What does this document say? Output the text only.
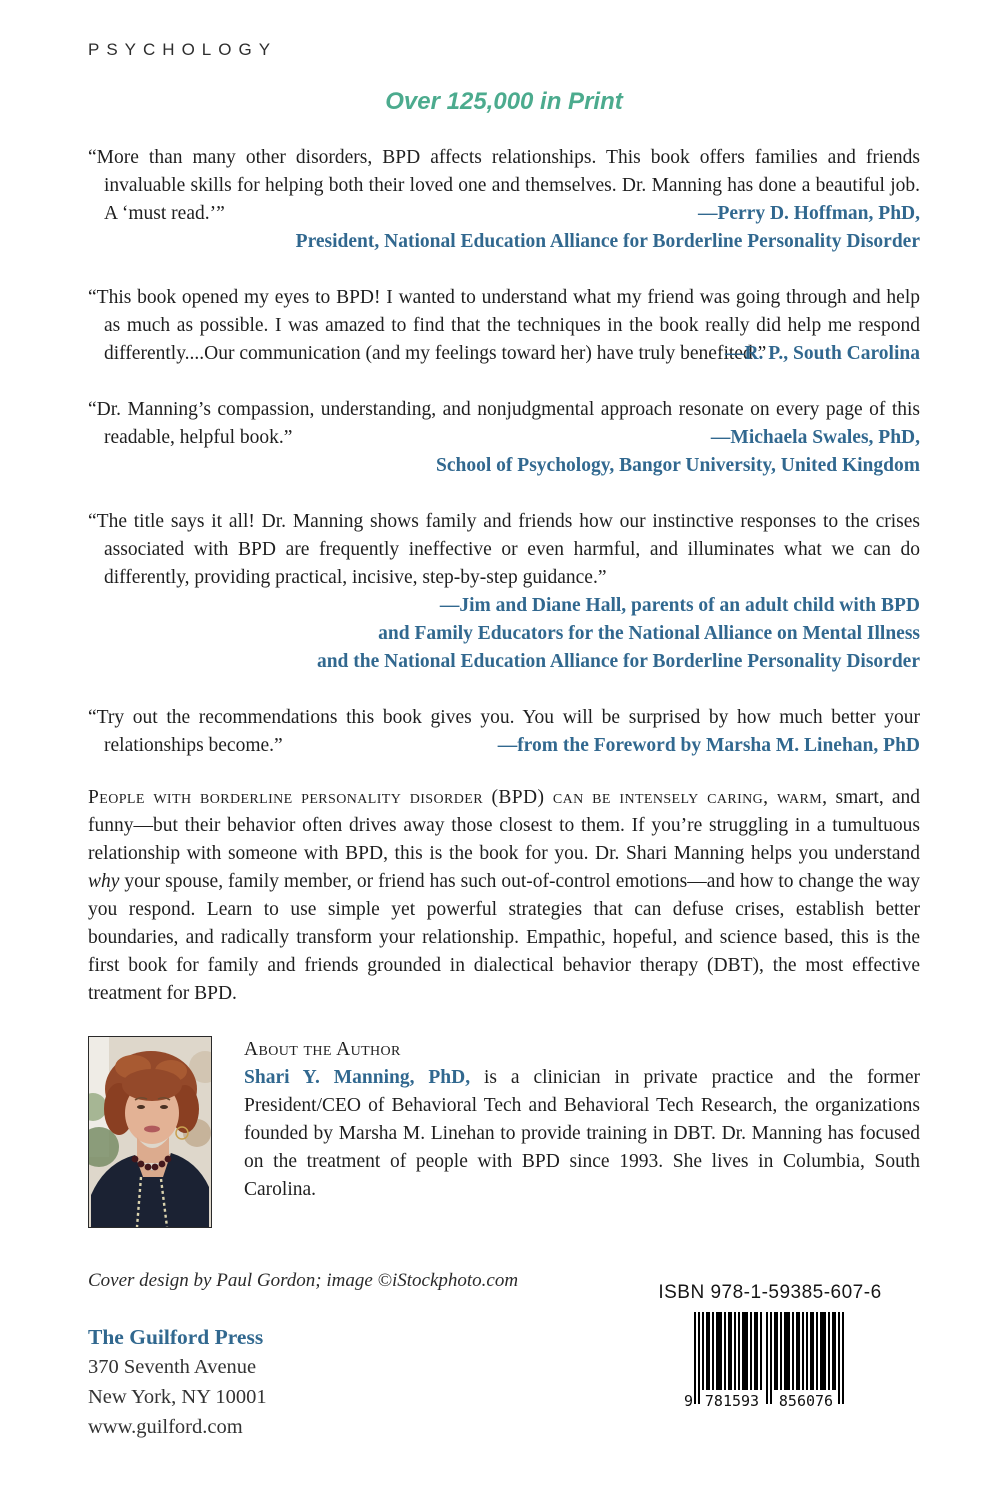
PSYCHOLOGY
Over 125,000 in Print

“More than many other disorders, BPD affects relationships. This book offers families and friends invaluable skills for helping both their loved one and themselves. Dr. Manning has done a beautiful job. A ‘must read.’”	—Perry D. Hoffman, PhD,

President, National Education Alliance for Borderline Personality Disorder

“This book opened my eyes to BPD! I wanted to understand what my friend was going through and help as much as possible. I was amazed to find that the techniques in the book really did help me respond differently....Our communication (and my feelings toward her) have truly benefited.”

—R. P., South Carolina

“Dr. Manning’s compassion, understanding, and nonjudgmental approach resonate on every page of this readable, helpful book.”	—Michaela Swales, PhD,

School of Psychology, Bangor University, United Kingdom

“The title says it all! Dr. Manning shows family and friends how our instinctive responses to the crises associated with BPD are frequently ineffective or even harmful, and illuminates what we can do differently, providing practical, incisive, step-by-step guidance.”

—Jim and Diane Hall, parents of an adult child with BPD

and Family Educators for the National Alliance on Mental Illness

and the National Education Alliance for Borderline Personality Disorder

“Try out the recommendations this book gives you. You will be surprised by how much better your relationships become.”	—from the Foreword by Marsha M. Linehan, PhD

People with borderline personality disorder (BPD) can be intensely caring, warm, smart, and funny—but their behavior often drives away those closest to them. If you’re struggling in a tumultuous relationship with someone with BPD, this is the book for you. Dr. Shari Manning helps you understand why your spouse, family member, or friend has such out-of-control emotions—and how to change the way you respond. Learn to use simple yet powerful strategies that can defuse crises, establish better boundaries, and radically transform your relationship. Empathic, hopeful, and science based, this is the first book for family and friends grounded in dialectical behavior therapy (DBT), the most effective treatment for BPD.

About the Author

Shari Y. Manning, PhD, is a clinician in private practice and the former President/CEO of Behavioral Tech and Behavioral Tech Research, the organizations founded by Marsha M. Linehan to provide training in DBT. Dr. Manning has focused on the treatment of people with BPD since 1993. She lives in Columbia, South Carolina.

Cover design by Paul Gordon; image ©iStockphoto.com
The Guilford Press
370 Seventh Avenue
New York, NY 10001
www.guilford.com
ISBN 978-1-59385-607-6
9 781593 856076
